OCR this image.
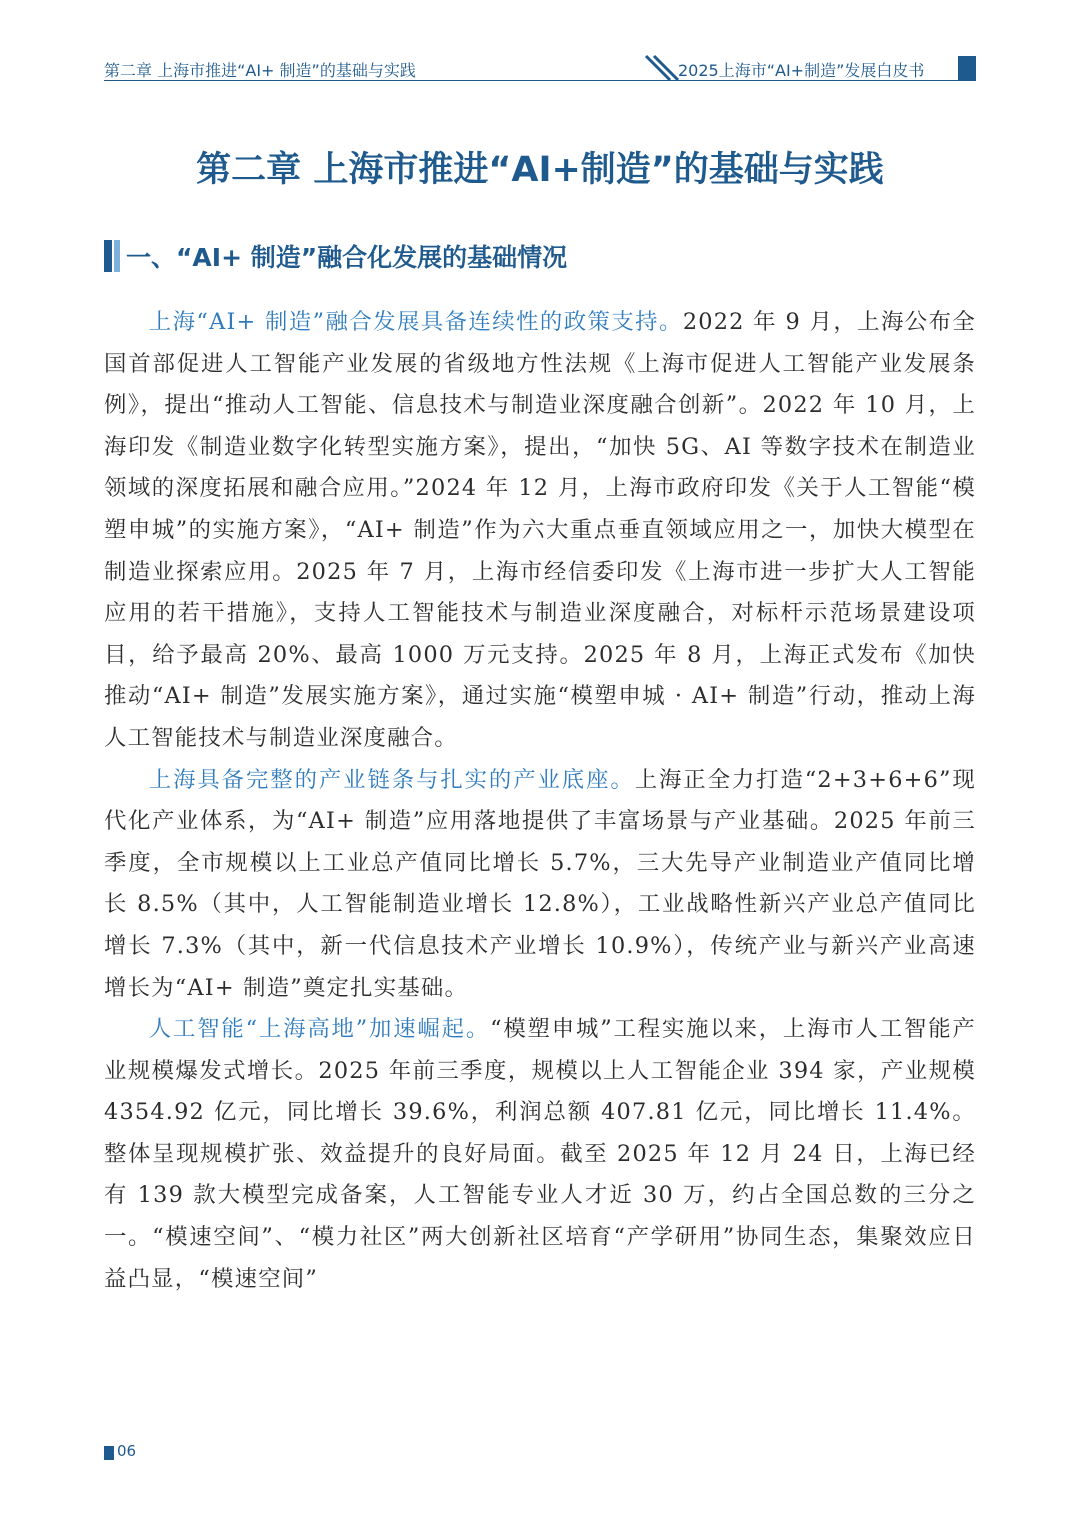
第二章 上海市推进“AI+ 制造”的基础与实践	2025上海市“AI+制造”发展白皮书
第二章 上海市推进“AI+制造”的基础与实践
一、“AI+ 制造”融合化发展的基础情况

上海“AI+ 制造”融合发展具备连续性的政策支持。2022 年 9 月，上海公布全国首部促进人工智能产业发展的省级地方性法规《上海市促进人工智能产业发展条例》，提出“推动人工智能、信息技术与制造业深度融合创新”。2022 年 10 月，上海印发《制造业数字化转型实施方案》，提出，“加快 5G、AI 等数字技术在制造业领域的深度拓展和融合应用。”2024 年 12 月，上海市政府印发《关于人工智能“模塑申城”的实施方案》，“AI+ 制造”作为六大重点垂直领域应用之一，加快大模型在制造业探索应用。2025 年 7 月，上海市经信委印发《上海市进一步扩大人工智能应用的若干措施》，支持人工智能技术与制造业深度融合，对标杆示范场景建设项目，给予最高 20%、最高 1000 万元支持。2025 年 8 月，上海正式发布《加快推动“AI+ 制造”发展实施方案》，通过实施“模塑申城 · AI+ 制造”行动，推动上海人工智能技术与制造业深度融合。

上海具备完整的产业链条与扎实的产业底座。上海正全力打造“2+3+6+6”现代化产业体系，为“AI+ 制造”应用落地提供了丰富场景与产业基础。2025 年前三季度，全市规模以上工业总产值同比增长 5.7%，三大先导产业制造业产值同比增长 8.5%（其中，人工智能制造业增长 12.8%），工业战略性新兴产业总产值同比增长 7.3%（其中，新一代信息技术产业增长 10.9%），传统产业与新兴产业高速增长为“AI+ 制造”奠定扎实基础。

人工智能“上海高地”加速崛起。“模塑申城”工程实施以来，上海市人工智能产业规模爆发式增长。2025 年前三季度，规模以上人工智能企业 394 家，产业规模 4354.92 亿元，同比增长 39.6%，利润总额 407.81 亿元，同比增长 11.4%。整体呈现规模扩张、效益提升的良好局面。截至 2025 年 12 月 24 日，上海已经有 139 款大模型完成备案，人工智能专业人才近 30 万，约占全国总数的三分之一。“模速空间”、“模力社区”两大创新社区培育“产学研用”协同生态，集聚效应日益凸显，“模速空间”

06
